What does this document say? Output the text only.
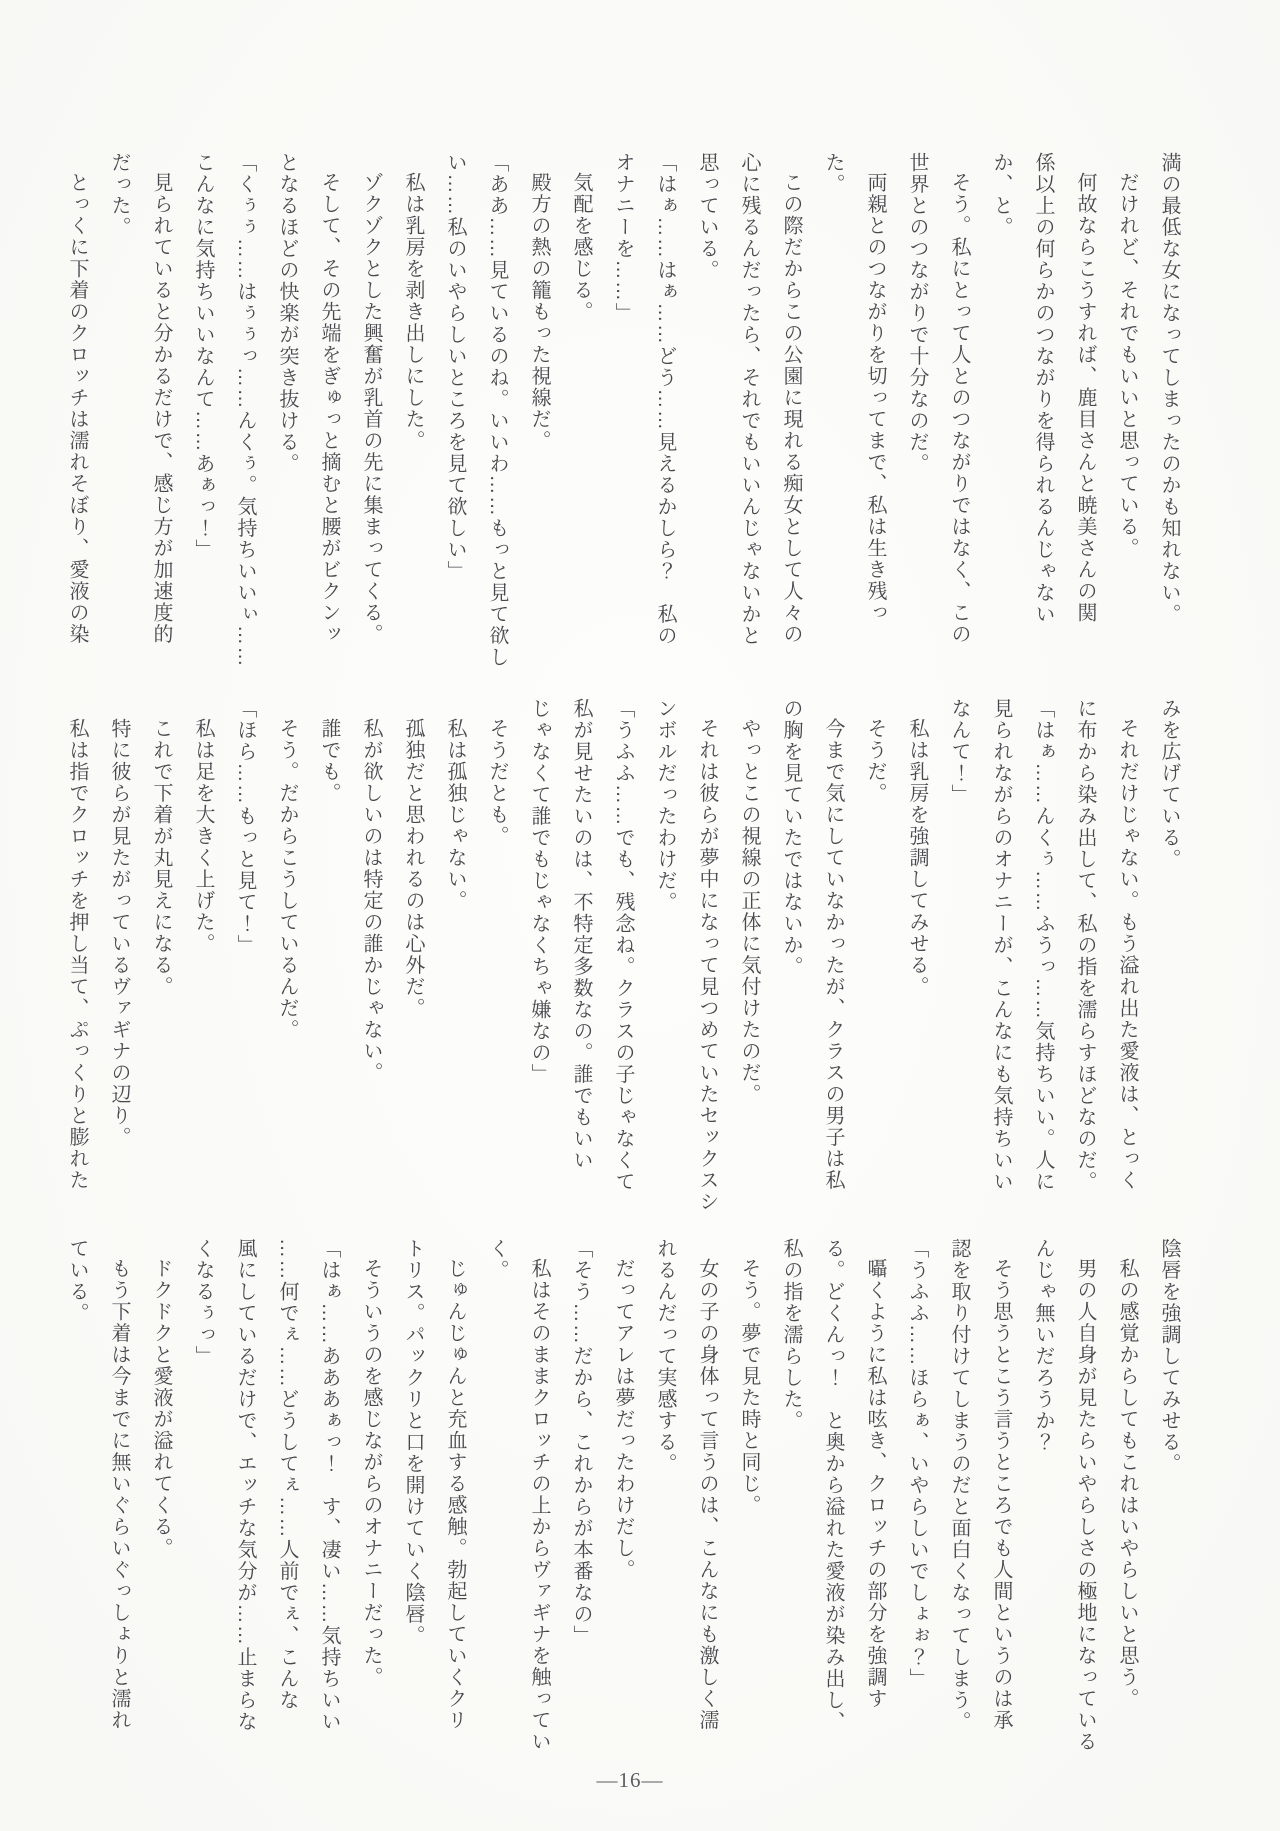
満の最低な女になってしまったのかも知れない。

だけれど、それでもいいと思っている。

何故ならこうすれば、鹿目さんと暁美さんの関

係以上の何らかのつながりを得られるんじゃない

か、と。

そう。私にとって人とのつながりではなく、この

世界とのつながりで十分なのだ。

両親とのつながりを切ってまで、私は生き残っ

た。

この際だからこの公園に現れる痴女として人々の

心に残るんだったら、それでもいいんじゃないかと

思っている。

「はぁ……はぁ……どう……見えるかしら？　私の

オナニーを……」

気配を感じる。

殿方の熱の籠もった視線だ。

「ああ……見ているのね。いいわ……もっと見て欲し

い……私のいやらしいところを見て欲しい」

私は乳房を剥き出しにした。

ゾクゾクとした興奮が乳首の先に集まってくる。

そして、その先端をぎゅっと摘むと腰がビクンッ

となるほどの快楽が突き抜ける。

「くぅぅ……はぅぅっ……んくぅ。気持ちいいぃ……

こんなに気持ちいいなんて……あぁっ！」

見られていると分かるだけで、感じ方が加速度的

だった。

とっくに下着のクロッチは濡れそぼり、愛液の染

みを広げている。

それだけじゃない。もう溢れ出た愛液は、とっく

に布から染み出して、私の指を濡らすほどなのだ。

「はぁ……んくぅ……ふうっ……気持ちいい。人に

見られながらのオナニーが、こんなにも気持ちいい

なんて！」

私は乳房を強調してみせる。

そうだ。

今まで気にしていなかったが、クラスの男子は私

の胸を見ていたではないか。

やっとこの視線の正体に気付けたのだ。

それは彼らが夢中になって見つめていたセックスシ

ンボルだったわけだ。

「うふふ……でも、残念ね。クラスの子じゃなくて

私が見せたいのは、不特定多数なの。誰でもいい

じゃなくて誰でもじゃなくちゃ嫌なの」

そうだとも。

私は孤独じゃない。

孤独だと思われるのは心外だ。

私が欲しいのは特定の誰かじゃない。

誰でも。

そう。だからこうしているんだ。

「ほら……もっと見て！」

私は足を大きく上げた。

これで下着が丸見えになる。

特に彼らが見たがっているヴァギナの辺り。

私は指でクロッチを押し当て、ぷっくりと膨れた

陰唇を強調してみせる。

私の感覚からしてもこれはいやらしいと思う。

男の人自身が見たらいやらしさの極地になっている

んじゃ無いだろうか？

そう思うとこう言うところでも人間というのは承

認を取り付けてしまうのだと面白くなってしまう。

「うふふ……ほらぁ、いやらしいでしょぉ？」

囁くように私は呟き、クロッチの部分を強調す

る。どくんっ！　と奥から溢れた愛液が染み出し、

私の指を濡らした。

そう。夢で見た時と同じ。

女の子の身体って言うのは、こんなにも激しく濡

れるんだって実感する。

だってアレは夢だったわけだし。

「そう……だから、これからが本番なの」

私はそのままクロッチの上からヴァギナを触ってい

く。

じゅんじゅんと充血する感触。勃起していくクリ

トリス。パックリと口を開けていく陰唇。

そういうのを感じながらのオナニーだった。

「はぁ……あああぁっ！　す、凄い……気持ちいい

……何でぇ……どうしてぇ……人前でぇ、こんな

風にしているだけで、エッチな気分が……止まらな

くなるぅっ」

ドクドクと愛液が溢れてくる。

もう下着は今までに無いぐらいぐっしょりと濡れ

ている。

—16—
